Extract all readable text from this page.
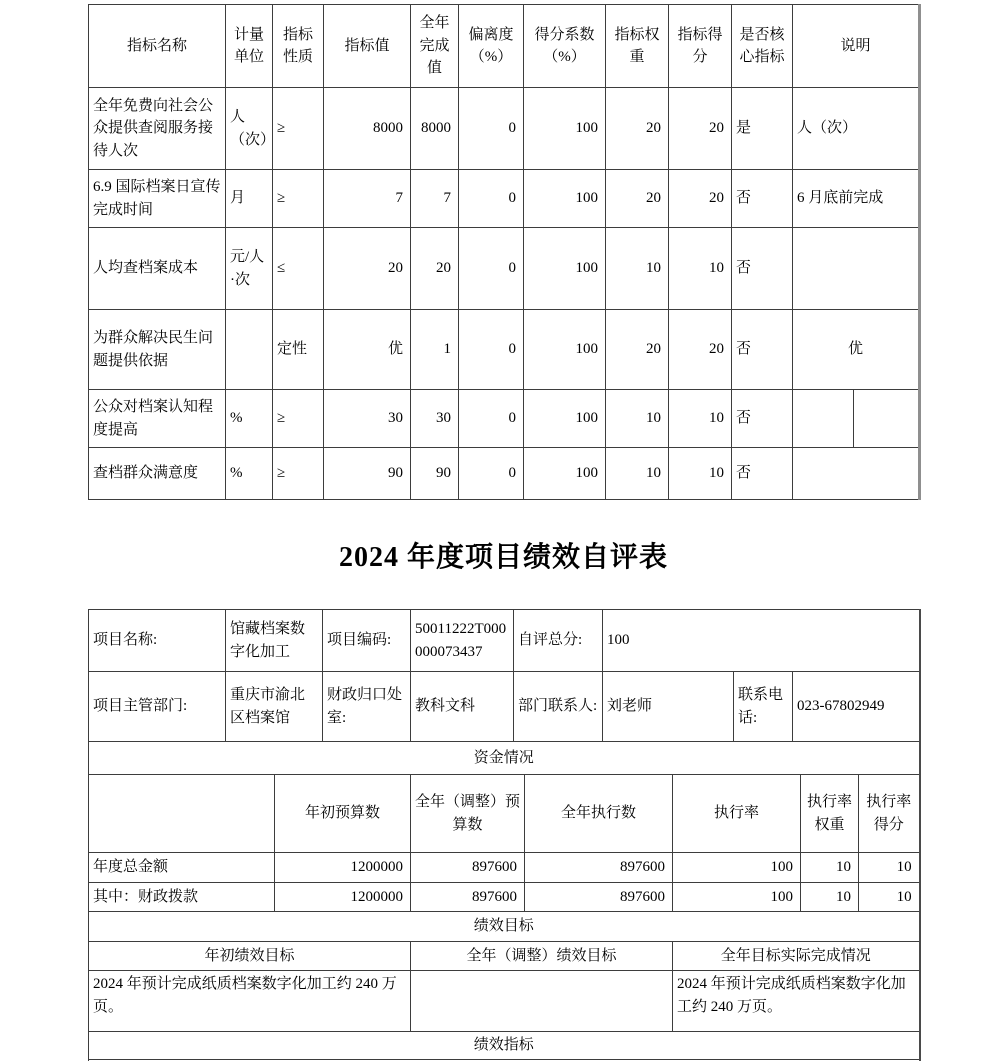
指标名称	计量单位	指标性质	指标值	全年完成值	偏离度（%）	得分系数（%）	指标权重	指标得分	是否核心指标	说明	
全年免费向社会公众提供查阅服务接待人次	人（次）	≥	8000	8000	0	100	20	20	是	人（次）	
6.9 国际档案日宣传完成时间	月	≥	7	7	0	100	20	20	否	6 月底前完成	
人均查档案成本	元/人·次	≤	20	20	0	100	10	10	否		
为群众解决民生问题提供依据		定性	优	1	0	100	20	20	否	优	
公众对档案认知程度提高	%	≥	30	30	0	100	10	10	否		
查档群众满意度	%	≥	90	90	0	100	10	10	否		
2024 年度项目绩效自评表
项目名称:	馆藏档案数字化加工		项目编码:	50011222T000000073437	自评总分:		100					
项目主管部门:	重庆市渝北区档案馆		财政归口处室:	教科文科	部门联系人:		刘老师		联系电话:	023-67802949		
资金情况												
		年初预算数		全年（调整）预算数		全年执行数		执行率			执行率权重	执行率得分
年度总金额		1200000		897600		897600		100			10	10
其中：财政拨款		1200000		897600		897600		100			10	10
绩效目标												
年初绩效目标				全年（调整）绩效目标				全年目标实际完成情况				
2024 年预计完成纸质档案数字化加工约 240 万页。								2024 年预计完成纸质档案数字化加工约 240 万页。				
绩效指标												
